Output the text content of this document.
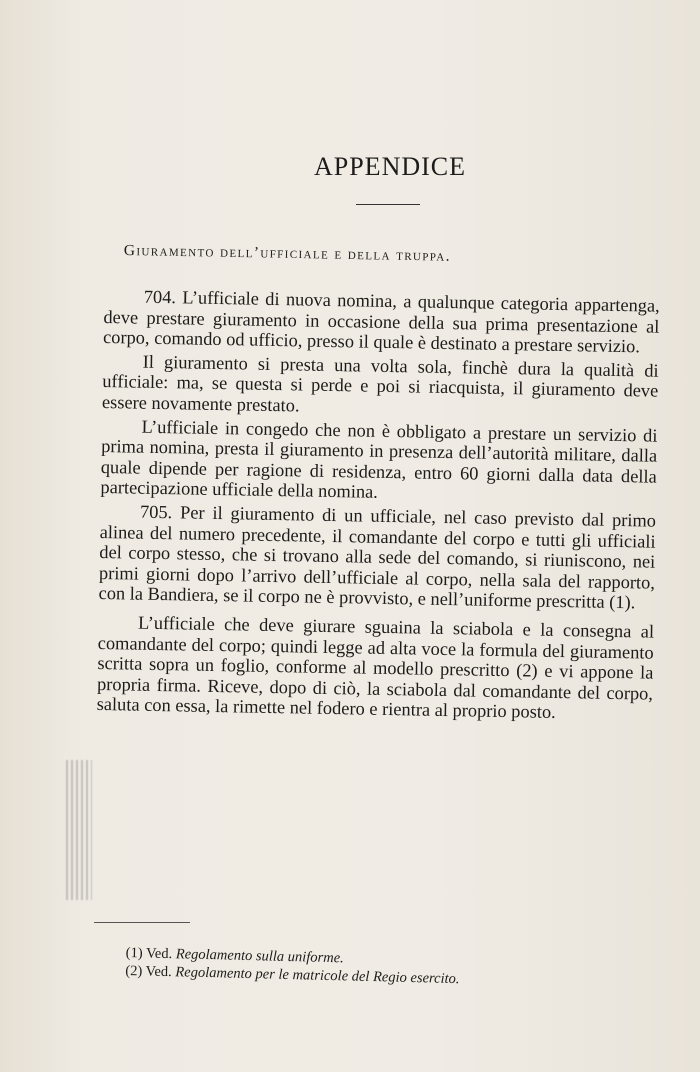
APPENDICE
Giuramento dell’ufficiale e della truppa.

704. L’ufficiale di nuova nomina, a qualunque categoria appartenga, deve prestare giuramento in occasione della sua prima presentazione al corpo, comando od ufficio, presso il quale è destinato a prestare servizio.

Il giuramento si presta una volta sola, finchè dura la qualità di ufficiale: ma, se questa si perde e poi si riacquista, il giuramento deve essere novamente prestato.

L’ufficiale in congedo che non è obbligato a prestare un servizio di prima nomina, presta il giuramento in presenza dell’autorità militare, dalla quale dipende per ragione di residenza, entro 60 giorni dalla data della partecipazione ufficiale della nomina.

705. Per il giuramento di un ufficiale, nel caso previsto dal primo alinea del numero precedente, il comandante del corpo e tutti gli ufficiali del corpo stesso, che si trovano alla sede del comando, si riuniscono, nei primi giorni dopo l’arrivo dell’ufficiale al corpo, nella sala del rapporto, con la Bandiera, se il corpo ne è provvisto, e nell’uniforme prescritta (1).

L’ufficiale che deve giurare sguaina la sciabola e la consegna al comandante del corpo; quindi legge ad alta voce la formula del giuramento scritta sopra un foglio, conforme al modello prescritto (2) e vi appone la propria firma. Riceve, dopo di ciò, la sciabola dal comandante del corpo, saluta con essa, la rimette nel fodero e rientra al proprio posto.

(1) Ved. Regolamento sulla uniforme.
(2) Ved. Regolamento per le matricole del Regio esercito.
